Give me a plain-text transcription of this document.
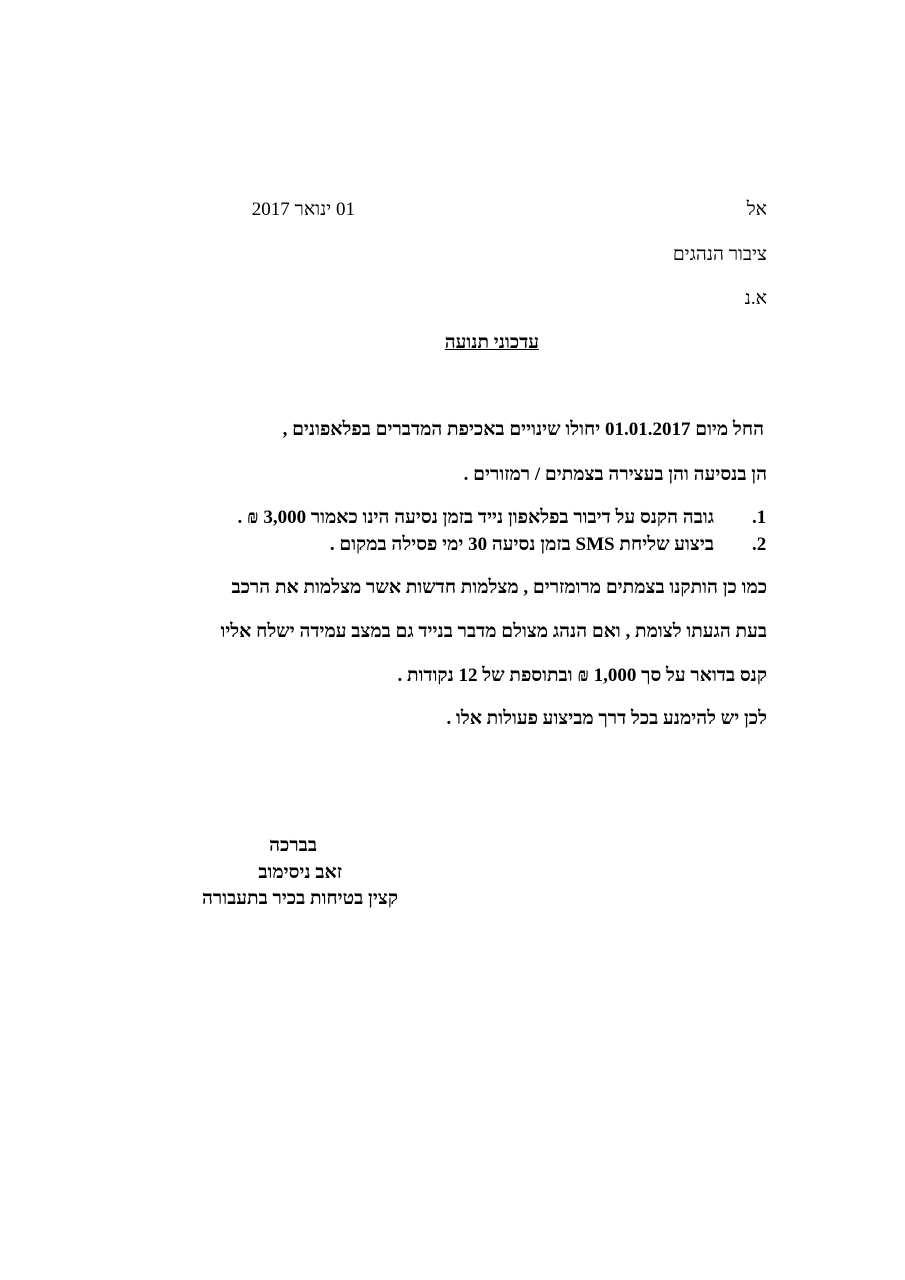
אל
01 ינואר 2017
ציבור הנהגים
א.נ
עדכוני תנועה
החל מיום 01.01.2017 יחולו שינויים באכיפת המדברים בפלאפונים ,
הן בנסיעה והן בעצירה בצמתים / רמזורים .
.1
גובה הקנס על דיבור בפלאפון נייד בזמן נסיעה הינו כאמור 3,000 ₪ .
.2
ביצוע שליחת SMS בזמן נסיעה 30 ימי פסילה במקום .
כמו כן הותקנו בצמתים מרומזרים , מצלמות חדשות אשר מצלמות את הרכב
בעת הגעתו לצומת , ואם הנהג מצולם מדבר בנייד גם במצב עמידה ישלח אליו
קנס בדואר על סך 1,000 ₪ ובתוספת של 12 נקודות .
לכן יש להימנע בכל דרך מביצוע פעולות אלו .
בברכה
זאב ניסימוב
קצין בטיחות בכיר בתעבורה
